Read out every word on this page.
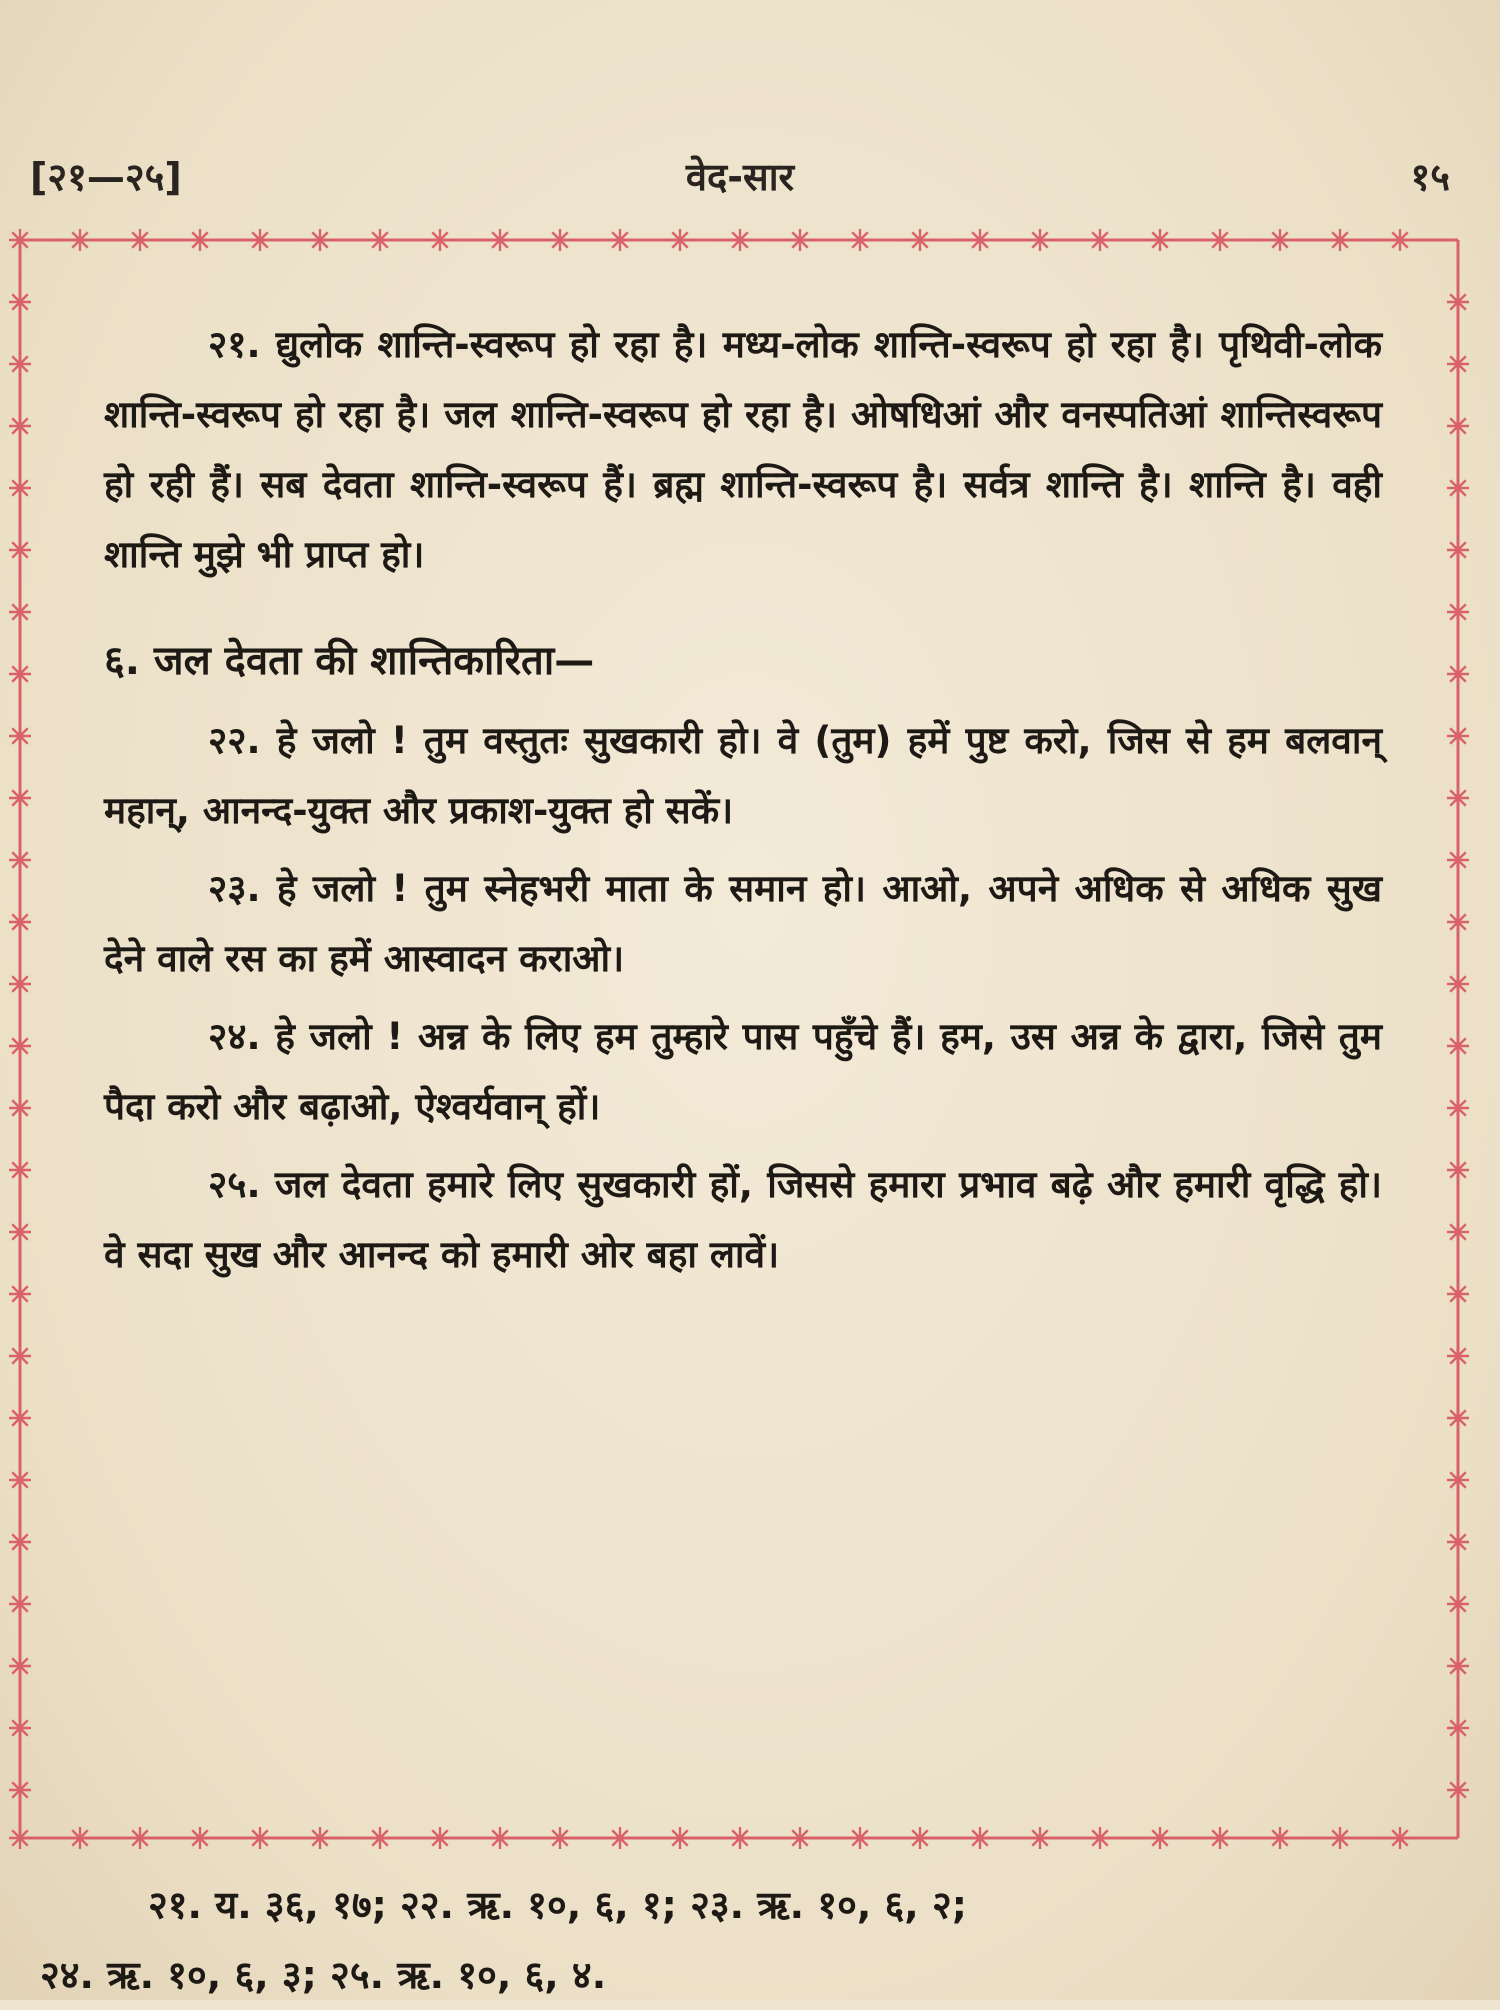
[२१—२५]	वेद-सार	१५

२१. द्युलोक शान्ति-स्वरूप हो रहा है। मध्य-लोक शान्ति-स्वरूप हो रहा है। पृथिवी-लोक शान्ति-स्वरूप हो रहा है। जल शान्ति-स्वरूप हो रहा है। ओषधिआं और वनस्पतिआं शान्तिस्वरूप हो रही हैं। सब देवता शान्ति-स्वरूप हैं। ब्रह्म शान्ति-स्वरूप है। सर्वत्र शान्ति है। शान्ति है। वही शान्ति मुझे भी प्राप्त हो।

६. जल देवता की शान्तिकारिता—

२२. हे जलो ! तुम वस्तुतः सुखकारी हो। वे (तुम) हमें पुष्ट करो, जिस से हम बलवान् महान्, आनन्द-युक्त और प्रकाश-युक्त हो सकें।

२३. हे जलो ! तुम स्नेहभरी माता के समान हो। आओ, अपने अधिक से अधिक सुख देने वाले रस का हमें आस्वादन कराओ।

२४. हे जलो ! अन्न के लिए हम तुम्हारे पास पहुँचे हैं। हम, उस अन्न के द्वारा, जिसे तुम पैदा करो और बढ़ाओ, ऐश्वर्यवान् हों।

२५. जल देवता हमारे लिए सुखकारी हों, जिससे हमारा प्रभाव बढ़े और हमारी वृद्धि हो। वे सदा सुख और आनन्द को हमारी ओर बहा लावें।

२१. य. ३६, १७; २२. ऋ. १०, ६, १; २३. ऋ. १०, ६, २;
२४. ऋ. १०, ६, ३; २५. ऋ. १०, ६, ४.
